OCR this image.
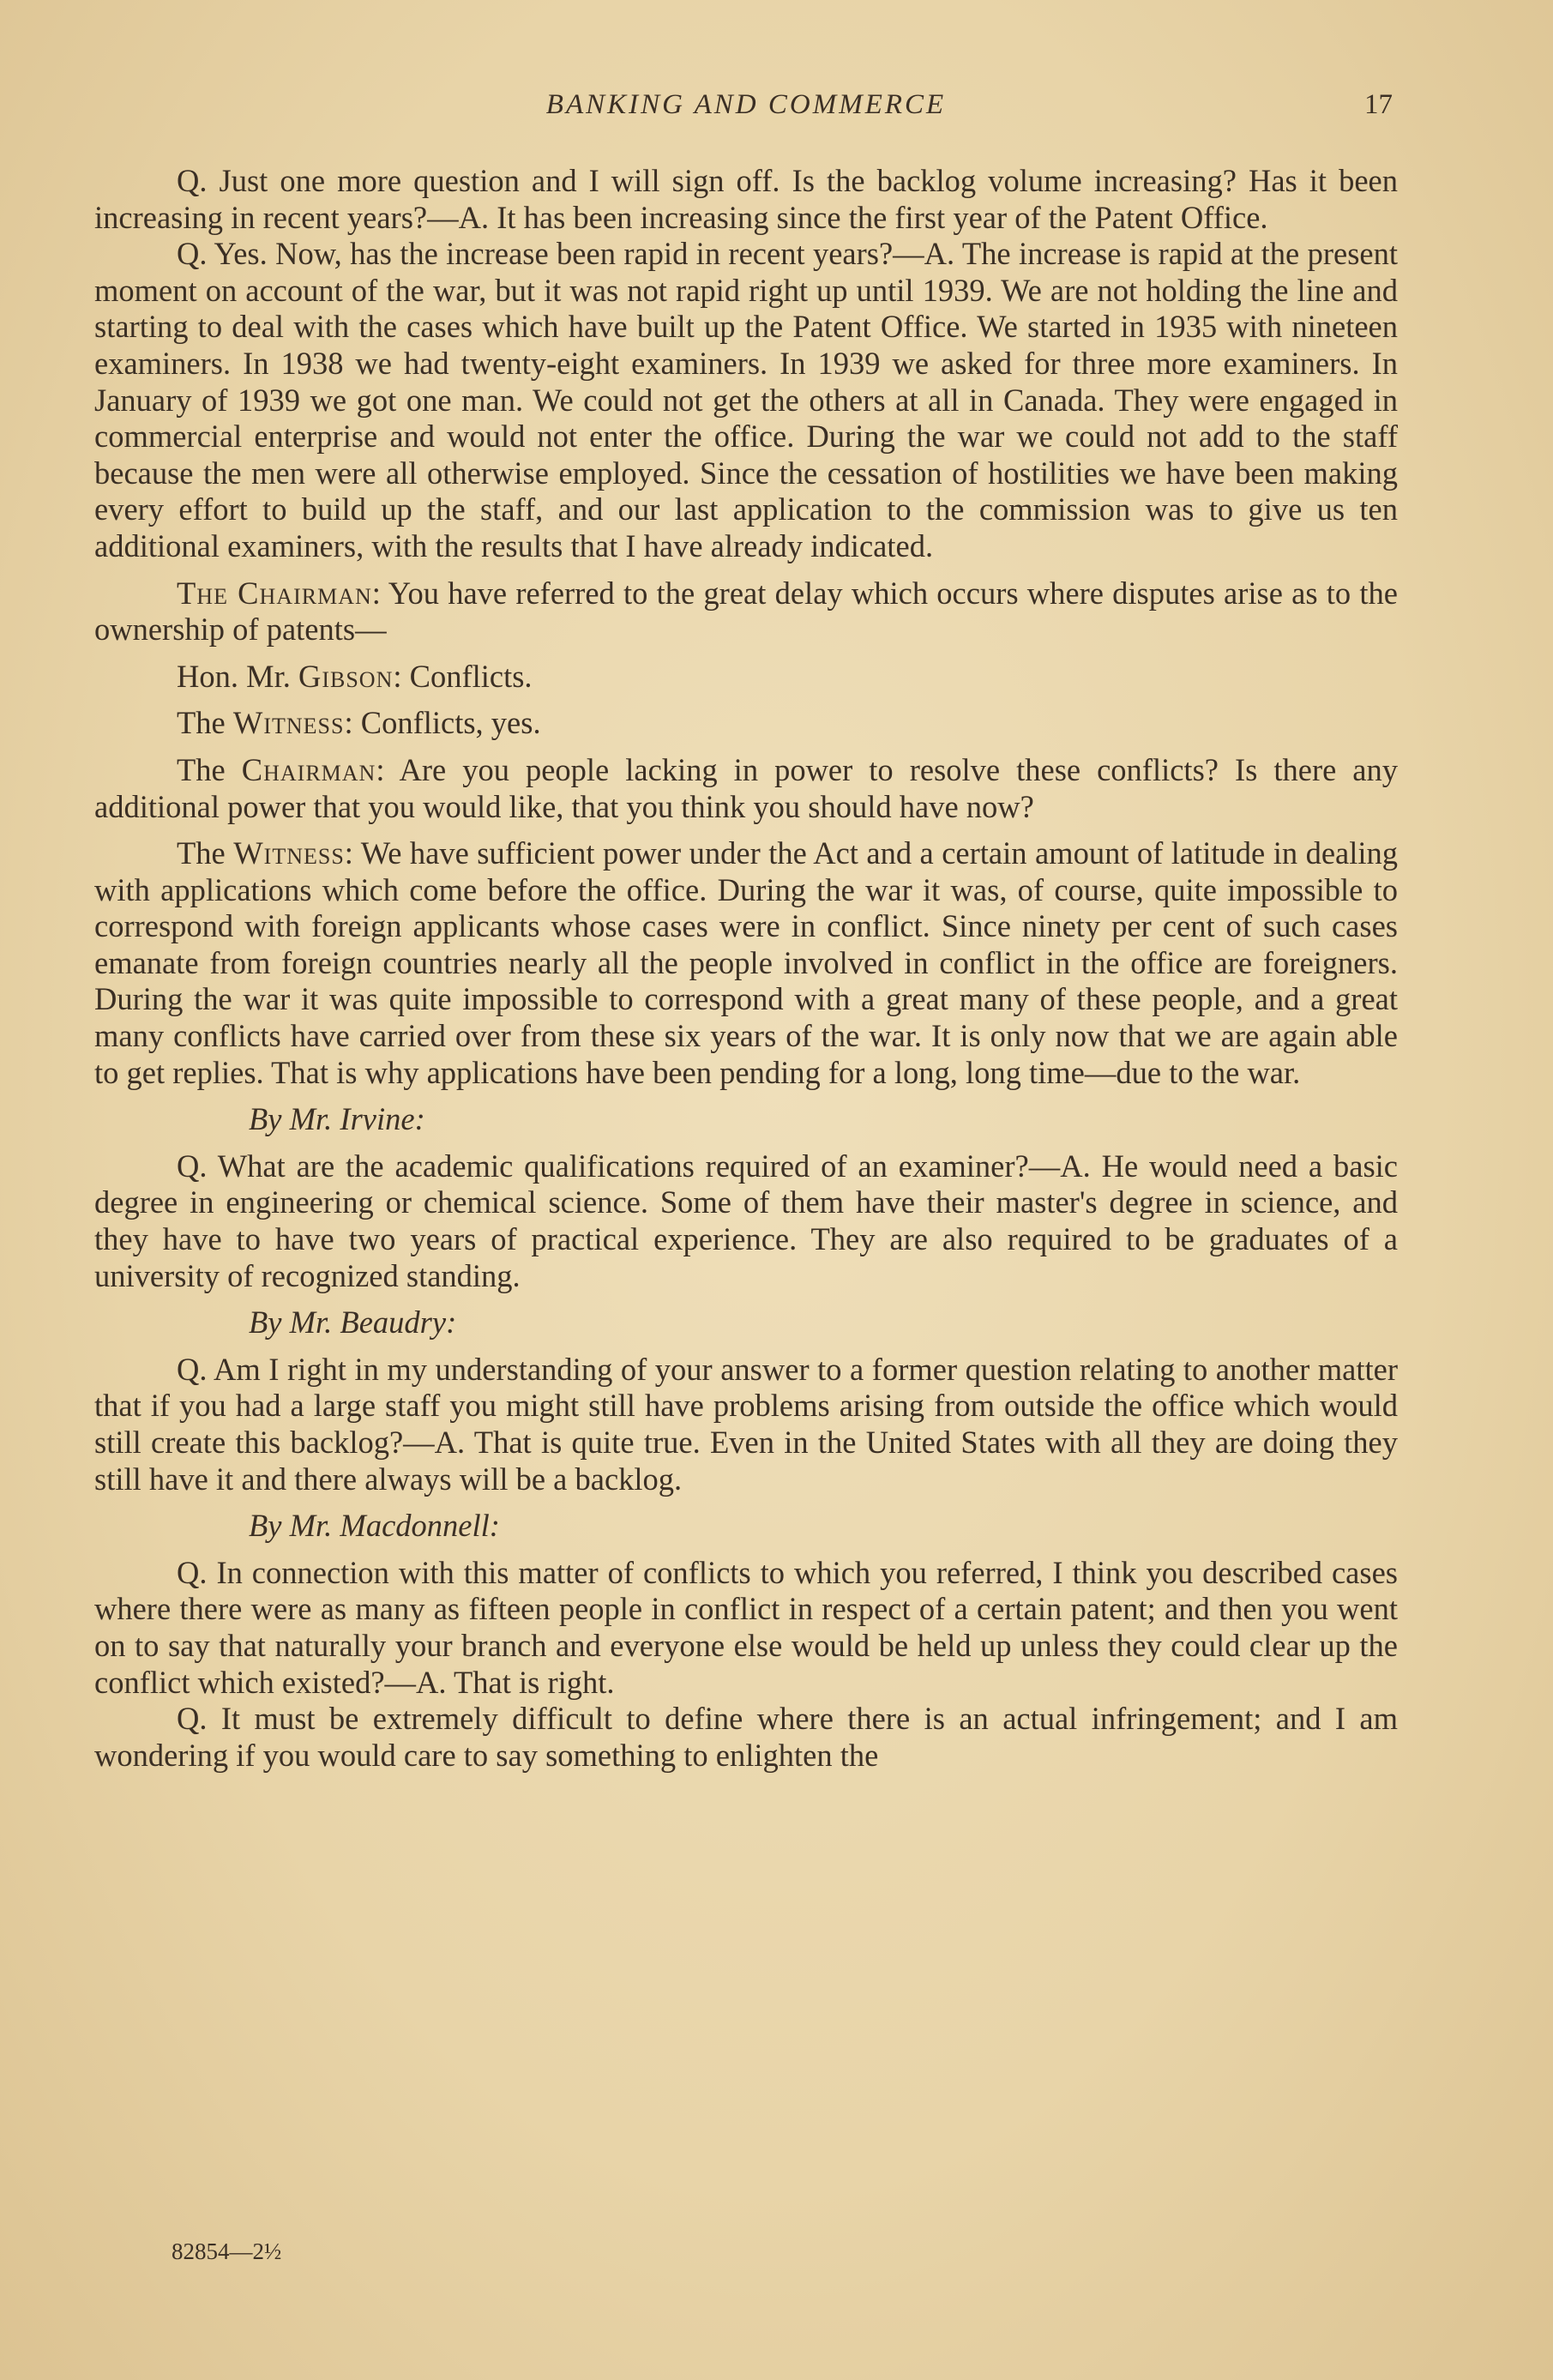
BANKING AND COMMERCE	17

Q. Just one more question and I will sign off. Is the backlog volume increasing? Has it been increasing in recent years?—A. It has been increasing since the first year of the Patent Office.

Q. Yes. Now, has the increase been rapid in recent years?—A. The increase is rapid at the present moment on account of the war, but it was not rapid right up until 1939. We are not holding the line and starting to deal with the cases which have built up the Patent Office. We started in 1935 with nineteen examiners. In 1938 we had twenty-eight examiners. In 1939 we asked for three more examiners. In January of 1939 we got one man. We could not get the others at all in Canada. They were engaged in commercial enterprise and would not enter the office. During the war we could not add to the staff because the men were all otherwise employed. Since the cessation of hostilities we have been making every effort to build up the staff, and our last application to the commission was to give us ten additional examiners, with the results that I have already indicated.

The Chairman: You have referred to the great delay which occurs where disputes arise as to the ownership of patents—

Hon. Mr. Gibson: Conflicts.

The Witness: Conflicts, yes.

The Chairman: Are you people lacking in power to resolve these conflicts? Is there any additional power that you would like, that you think you should have now?

The Witness: We have sufficient power under the Act and a certain amount of latitude in dealing with applications which come before the office. During the war it was, of course, quite impossible to correspond with foreign applicants whose cases were in conflict. Since ninety per cent of such cases emanate from foreign countries nearly all the people involved in conflict in the office are foreigners. During the war it was quite impossible to correspond with a great many of these people, and a great many conflicts have carried over from these six years of the war. It is only now that we are again able to get replies. That is why applications have been pending for a long, long time—due to the war.

By Mr. Irvine:

Q. What are the academic qualifications required of an examiner?—A. He would need a basic degree in engineering or chemical science. Some of them have their master's degree in science, and they have to have two years of practical experience. They are also required to be graduates of a university of recognized standing.

By Mr. Beaudry:

Q. Am I right in my understanding of your answer to a former question relating to another matter that if you had a large staff you might still have problems arising from outside the office which would still create this backlog?—A. That is quite true. Even in the United States with all they are doing they still have it and there always will be a backlog.

By Mr. Macdonnell:

Q. In connection with this matter of conflicts to which you referred, I think you described cases where there were as many as fifteen people in conflict in respect of a certain patent; and then you went on to say that naturally your branch and everyone else would be held up unless they could clear up the conflict which existed?—A. That is right.

Q. It must be extremely difficult to define where there is an actual infringement; and I am wondering if you would care to say something to enlighten the

82854—2½
